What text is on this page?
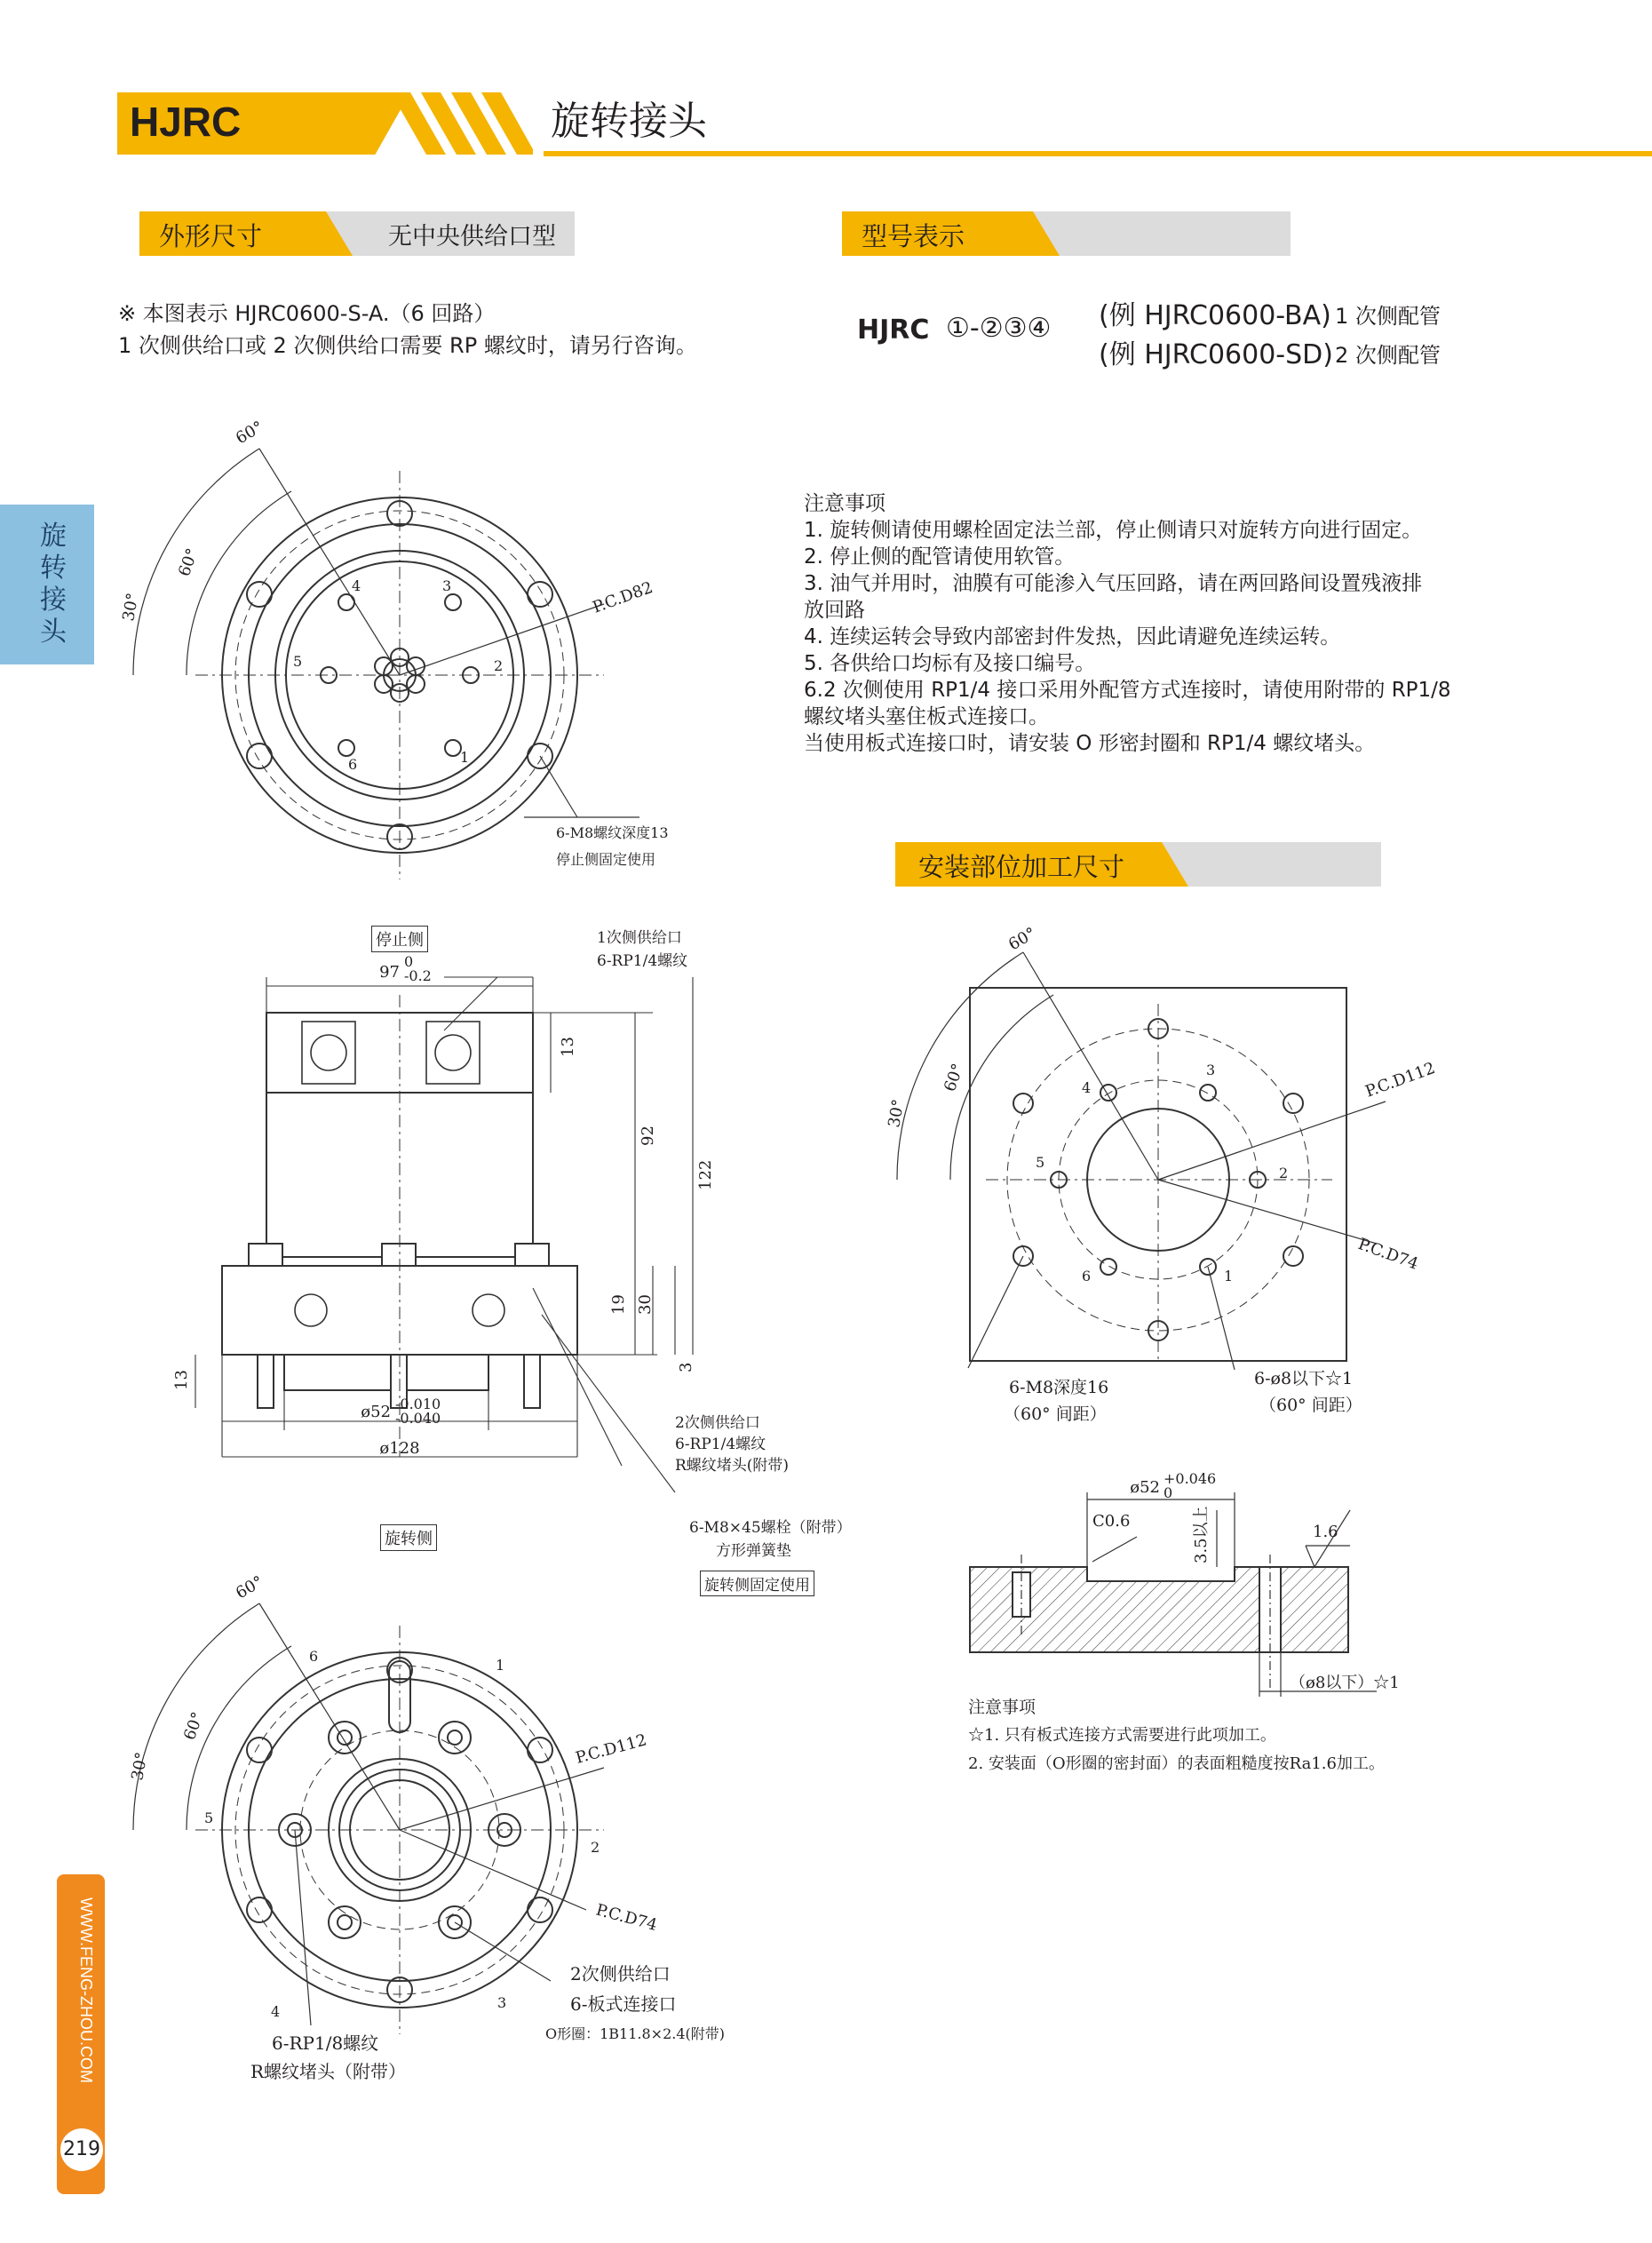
HJRC	旋转接头
旋转接头
外形尺寸	无中央供给口型	型号表示
安装部位加工尺寸
※ 本图表示 HJRC0600-S-A.（6 回路）
1 次侧供给口或 2 次侧供给口需要 RP 螺纹时，请另行咨询。	HJRC ①-②③④ (例 HJRC0600-BA) 1 次侧配管
(例 HJRC0600-SD) 2 次侧配管
注意事项
1. 旋转侧请使用螺栓固定法兰部，停止侧请只对旋转方向进行固定。
2. 停止侧的配管请使用软管。
3. 油气并用时，油膜有可能渗入气压回路，请在两回路间设置残液排
放回路
4. 连续运转会导致内部密封件发热，因此请避免连续运转。
5. 各供给口均标有及接口编号。
6.2 次侧使用 RP1/4 接口采用外配管方式连接时，请使用附带的 RP1/8
螺纹堵头塞住板式连接口。
当使用板式连接口时，请安装 O 形密封圈和 RP1/4 螺纹堵头。
60°
60°
30°	P.C.D82
1
2
3
4
5
6
6-M8螺纹深度13
停止侧固定使用
97
0
-0.2
13
92
122
19 30
3
13
ø52 -0.010
-0.040
ø128
停止侧	1次侧供给口
6-RP1/4螺纹
2次侧供给口
6-RP1/4螺纹
R螺纹堵头(附带)
6-M8×45螺栓（附带）
方形弹簧垫
旋转侧固定使用
旋转侧
60°
60°
30°	P.C.D112
P.C.D74
1
2
3
4
5
6
2次侧供给口
6-板式连接口
O形圈：1B11.8×2.4(附带)
6-RP1/8螺纹
R螺纹堵头（附带）
60°
60°
30°
P.C.D112
P.C.D74
1
2
3
4
5
6
6-M8深度16
（60° 间距）
6-ø8以下☆1
（60° 间距）
ø52 +0.046
0
C0.6	3.5以上	1.6
（ø8以下）☆1
注意事项
☆1. 只有板式连接方式需要进行此项加工。
2. 安装面（O形圈的密封面）的表面粗糙度按Ra1.6加工。
WWW.FENG-ZHOU.COM
219
